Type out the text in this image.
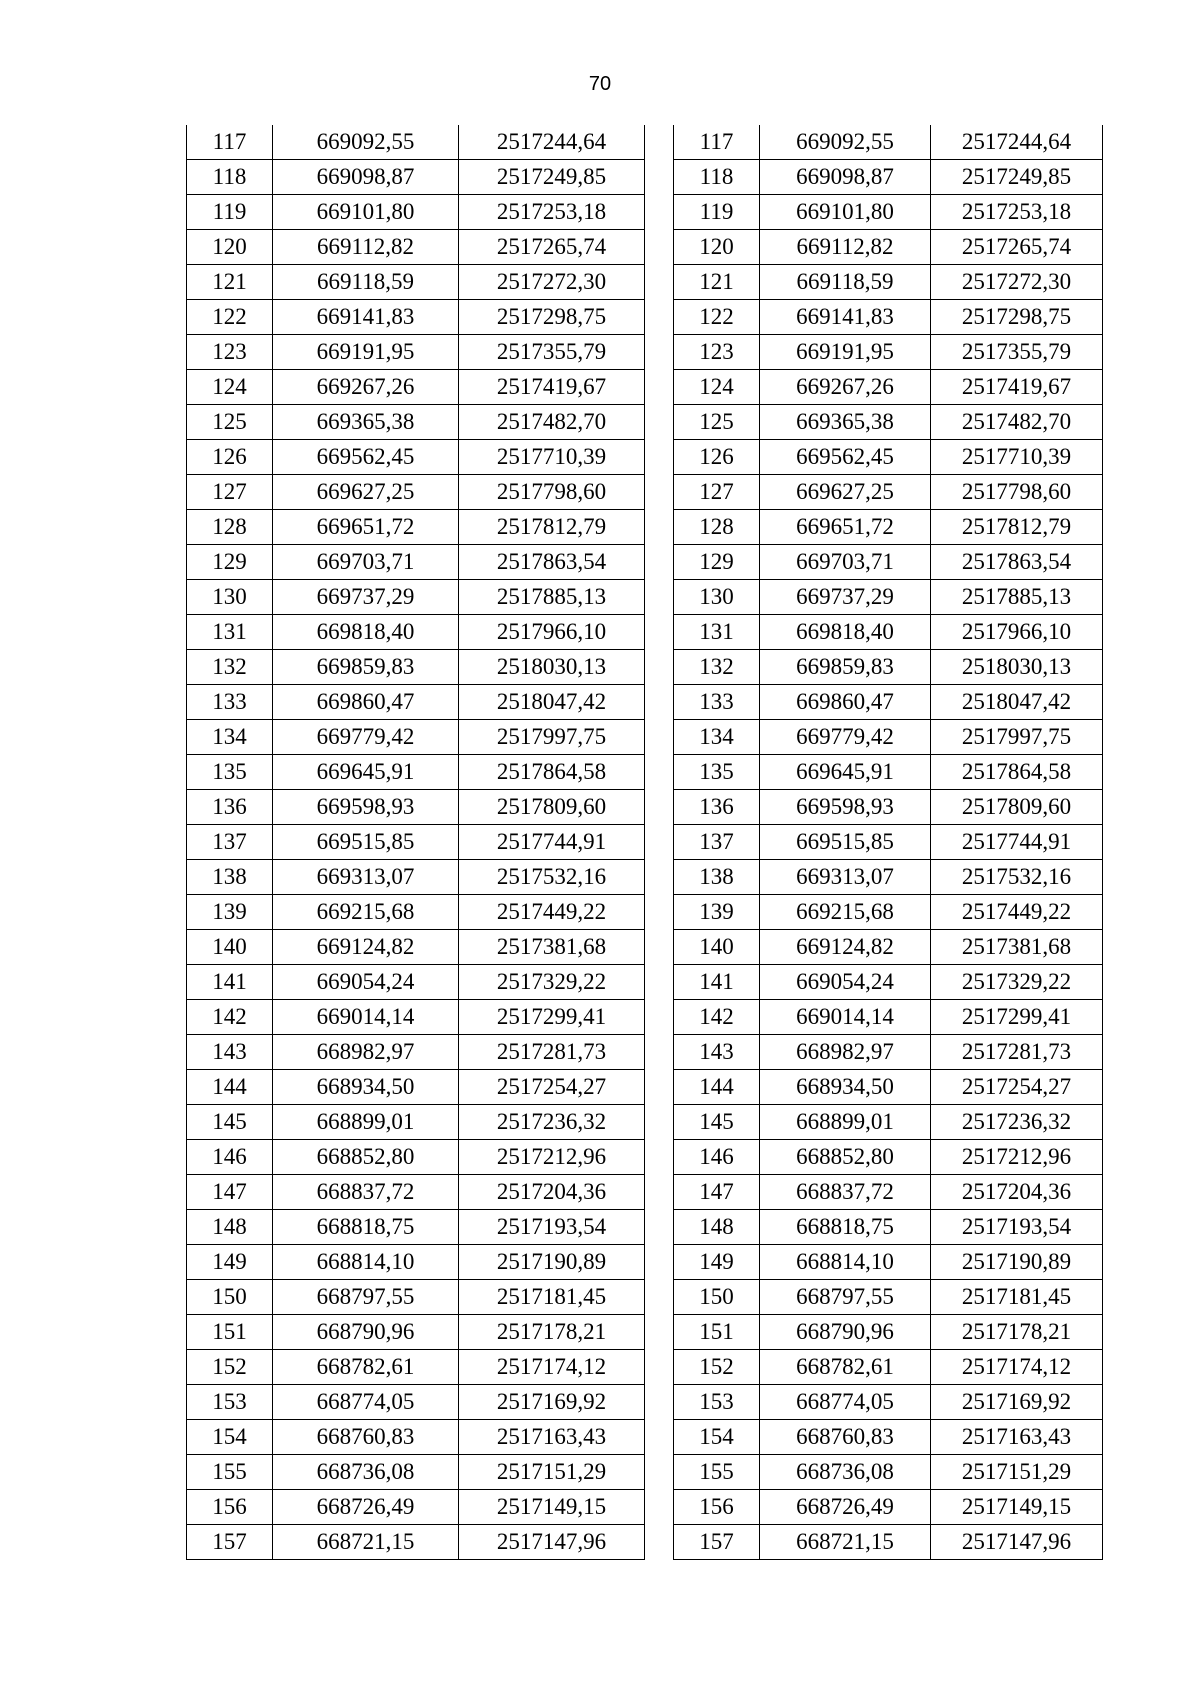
70
117	669092,55	2517244,64
118	669098,87	2517249,85
119	669101,80	2517253,18
120	669112,82	2517265,74
121	669118,59	2517272,30
122	669141,83	2517298,75
123	669191,95	2517355,79
124	669267,26	2517419,67
125	669365,38	2517482,70
126	669562,45	2517710,39
127	669627,25	2517798,60
128	669651,72	2517812,79
129	669703,71	2517863,54
130	669737,29	2517885,13
131	669818,40	2517966,10
132	669859,83	2518030,13
133	669860,47	2518047,42
134	669779,42	2517997,75
135	669645,91	2517864,58
136	669598,93	2517809,60
137	669515,85	2517744,91
138	669313,07	2517532,16
139	669215,68	2517449,22
140	669124,82	2517381,68
141	669054,24	2517329,22
142	669014,14	2517299,41
143	668982,97	2517281,73
144	668934,50	2517254,27
145	668899,01	2517236,32
146	668852,80	2517212,96
147	668837,72	2517204,36
148	668818,75	2517193,54
149	668814,10	2517190,89
150	668797,55	2517181,45
151	668790,96	2517178,21
152	668782,61	2517174,12
153	668774,05	2517169,92
154	668760,83	2517163,43
155	668736,08	2517151,29
156	668726,49	2517149,15
157	668721,15	2517147,96
117	669092,55	2517244,64
118	669098,87	2517249,85
119	669101,80	2517253,18
120	669112,82	2517265,74
121	669118,59	2517272,30
122	669141,83	2517298,75
123	669191,95	2517355,79
124	669267,26	2517419,67
125	669365,38	2517482,70
126	669562,45	2517710,39
127	669627,25	2517798,60
128	669651,72	2517812,79
129	669703,71	2517863,54
130	669737,29	2517885,13
131	669818,40	2517966,10
132	669859,83	2518030,13
133	669860,47	2518047,42
134	669779,42	2517997,75
135	669645,91	2517864,58
136	669598,93	2517809,60
137	669515,85	2517744,91
138	669313,07	2517532,16
139	669215,68	2517449,22
140	669124,82	2517381,68
141	669054,24	2517329,22
142	669014,14	2517299,41
143	668982,97	2517281,73
144	668934,50	2517254,27
145	668899,01	2517236,32
146	668852,80	2517212,96
147	668837,72	2517204,36
148	668818,75	2517193,54
149	668814,10	2517190,89
150	668797,55	2517181,45
151	668790,96	2517178,21
152	668782,61	2517174,12
153	668774,05	2517169,92
154	668760,83	2517163,43
155	668736,08	2517151,29
156	668726,49	2517149,15
157	668721,15	2517147,96
